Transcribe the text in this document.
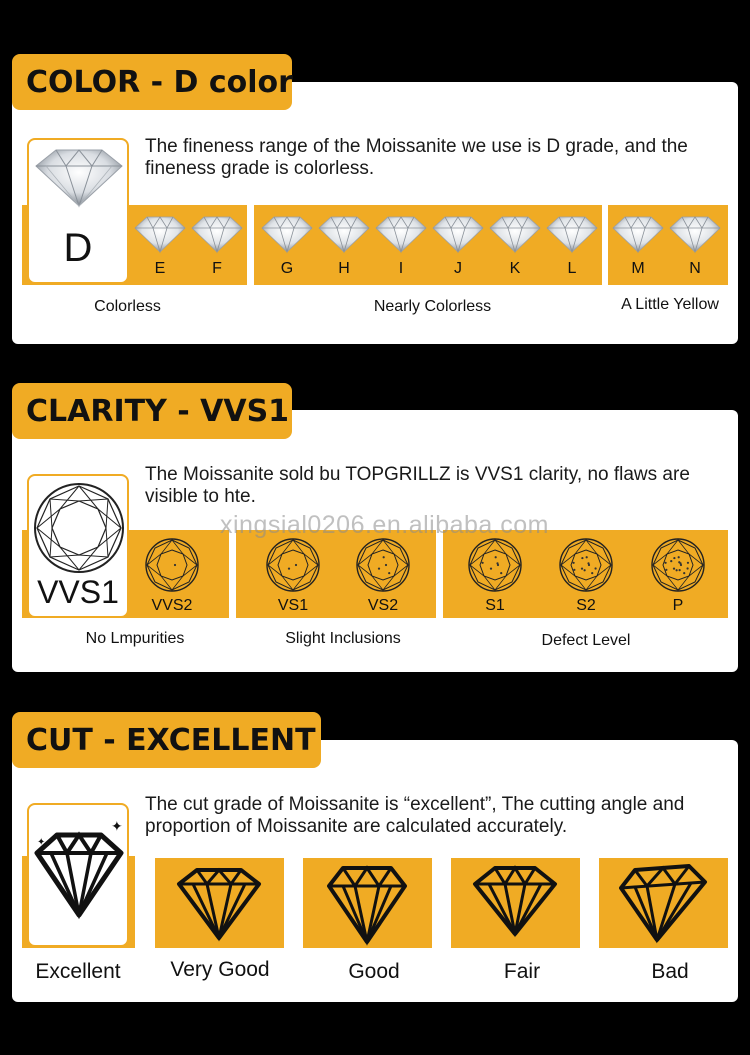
COLOR - D color
The fineness range of the Moissanite we use is D grade, and the fineness grade is colorless.
D	E	F	G	H	I	J	K	L	M	N
Colorless	Nearly Colorless	A Little Yellow
CLARITY - VVS1
The Moissanite sold bu TOPGRILLZ is VVS1 clarity, no flaws are visible to hte.
VVS1	VVS2	VS1	VS2	S1	S2	P
xingsial0206.en.alibaba.com
No Lmpurities	Slight Inclusions	Defect Level
CUT - EXCELLENT
The cut grade of Moissanite is “excellent”, The cutting angle and proportion of Moissanite are calculated accurately.
✦
✦
Excellent	Very Good	Good	Fair	Bad
